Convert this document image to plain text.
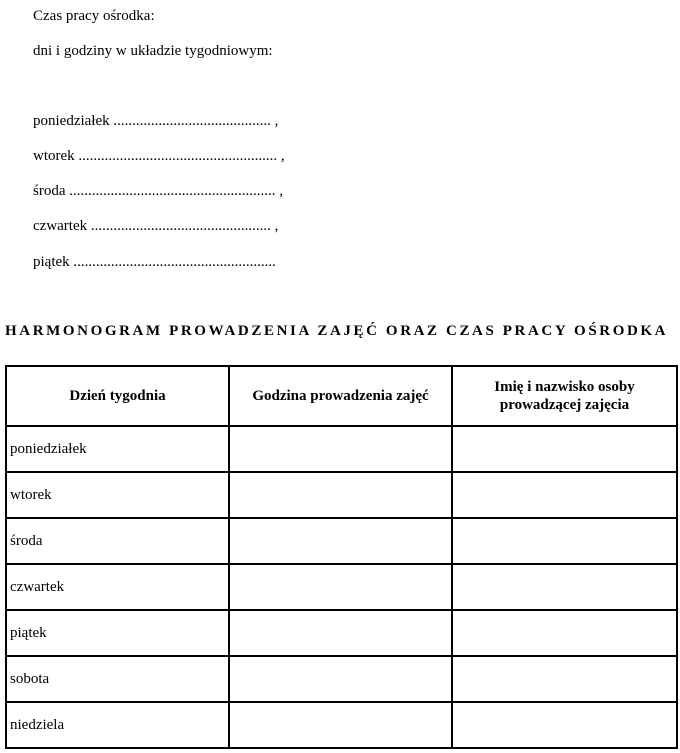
Czas pracy ośrodka:
dni i godziny w układzie tygodniowym:
poniedziałek .......................................... ,
wtorek ..................................................... ,
środa ....................................................... ,
czwartek ................................................ ,
piątek ......................................................
HARMONOGRAM PROWADZENIA ZAJĘĆ ORAZ CZAS PRACY OŚRODKA
Dzień tygodnia	Godzina prowadzenia zajęć	Imię i nazwisko osoby
prowadzącej zajęcia

poniedziałek		
wtorek		
środa		
czwartek		
piątek		
sobota		
niedziela		
